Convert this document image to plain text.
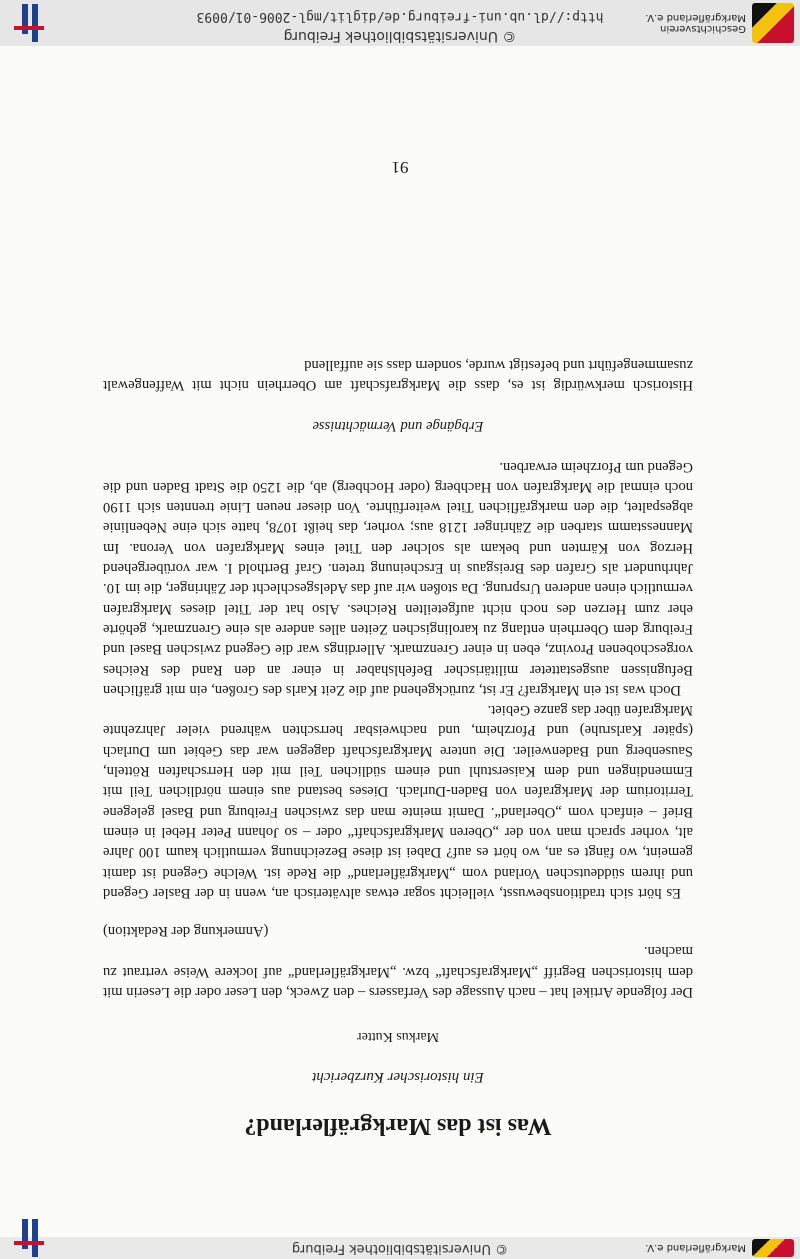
Geschichtsverein
Markgräflerland e.V.
© Universitätsbibliothek Freiburg
http://dl.ub.uni-freiburg.de/diglit/mgl-2006-01/0093
Markgräflerland e.V.
© Universitätsbibliothek Freiburg
Was ist das Markgräflerland?

Ein historischer Kurzbericht

Markus Kutter

Der folgende Artikel hat – nach Aussage des Verfassers – den Zweck, den Leser oder die Leserin mit dem historischen Begriff „Markgrafschaft“ bzw. „Markgräflerland“ auf lockere Weise vertraut zu machen.

(Anmerkung der Redaktion)

Es hört sich traditionsbewusst, vielleicht sogar etwas altväterisch an, wenn in der Basler Gegend und ihrem süddeutschen Vorland vom „Markgräflerland“ die Rede ist. Welche Gegend ist damit gemeint, wo fängt es an, wo hört es auf? Dabei ist diese Bezeichnung vermutlich kaum 100 Jahre alt, vorher sprach man von der „Oberen Markgrafschaft“ oder – so Johann Peter Hebel in einem Brief – einfach vom „Oberland“. Damit meinte man das zwischen Freiburg und Basel gelegene Territorium der Markgrafen von Baden-Durlach. Dieses bestand aus einem nördlichen Teil mit Emmendingen und dem Kaiserstuhl und einem südlichen Teil mit den Herrschaften Rötteln, Sausenberg und Badenweiler. Die untere Markgrafschaft dagegen war das Gebiet um Durlach (später Karlsruhe) und Pforzheim, und nachweisbar herrschten während vieler Jahrzehnte Markgrafen über das ganze Gebiet.

Doch was ist ein Markgraf? Er ist, zurückgehend auf die Zeit Karls des Großen, ein mit gräflichen Befugnissen ausgestatteter militärischer Befehlshaber in einer an den Rand des Reiches vorgeschobenen Provinz, eben in einer Grenzmark. Allerdings war die Gegend zwischen Basel und Freiburg dem Oberrhein entlang zu karolingischen Zeiten alles andere als eine Grenzmark, gehörte eher zum Herzen des noch nicht aufgeteilten Reiches. Also hat der Titel dieses Markgrafen vermutlich einen anderen Ursprung. Da stoßen wir auf das Adelsgeschlecht der Zähringer, die im 10. Jahrhundert als Grafen des Breisgaus in Erscheinung treten. Graf Berthold I. war vorübergehend Herzog von Kärnten und bekam als solcher den Titel eines Markgrafen von Verona. Im Mannesstamm starben die Zähringer 1218 aus; vorher, das heißt 1078, hatte sich eine Nebenlinie abgespaltet, die den markgräflichen Titel weiterführte. Von dieser neuen Linie trennten sich 1190 noch einmal die Markgrafen von Hachberg (oder Hochberg) ab, die 1250 die Stadt Baden und die Gegend um Pforzheim erwarben.

Erbgänge und Vermächtnisse

Historisch merkwürdig ist es, dass die Markgrafschaft am Oberrhein nicht mit Waffengewalt zusammengeführt und befestigt wurde, sondern dass sie auffallend

91
